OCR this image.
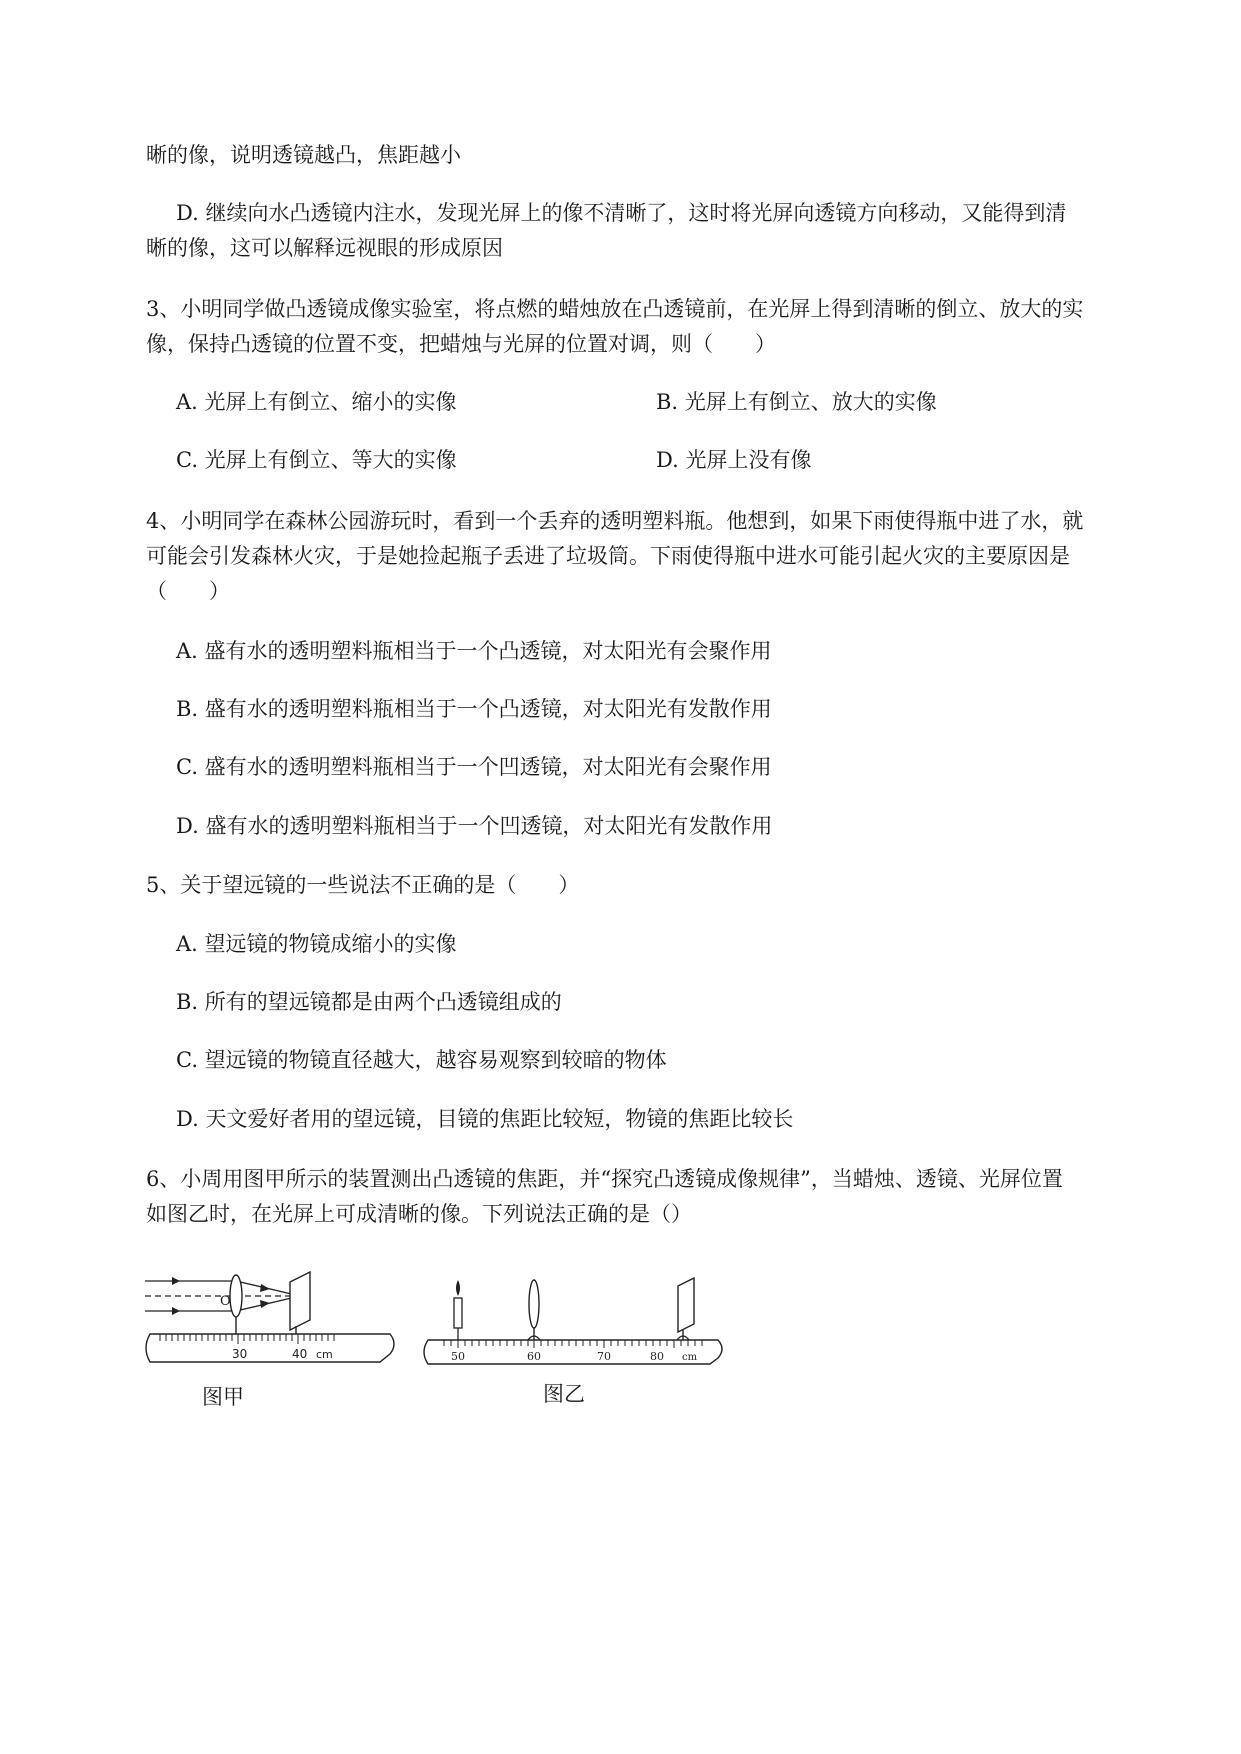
晰的像，说明透镜越凸，焦距越小
D. 继续向水凸透镜内注水，发现光屏上的像不清晰了，这时将光屏向透镜方向移动，又能得到清
晰的像，这可以解释远视眼的形成原因
3、小明同学做凸透镜成像实验室，将点燃的蜡烛放在凸透镜前，在光屏上得到清晰的倒立、放大的实
像，保持凸透镜的位置不变，把蜡烛与光屏的位置对调，则（　　）
A. 光屏上有倒立、缩小的实像	B. 光屏上有倒立、放大的实像
C. 光屏上有倒立、等大的实像	D. 光屏上没有像
4、小明同学在森林公园游玩时，看到一个丢弃的透明塑料瓶。他想到，如果下雨使得瓶中进了水，就
可能会引发森林火灾，于是她捡起瓶子丢进了垃圾筒。下雨使得瓶中进水可能引起火灾的主要原因是
（　　）
A. 盛有水的透明塑料瓶相当于一个凸透镜，对太阳光有会聚作用
B. 盛有水的透明塑料瓶相当于一个凸透镜，对太阳光有发散作用
C. 盛有水的透明塑料瓶相当于一个凹透镜，对太阳光有会聚作用
D. 盛有水的透明塑料瓶相当于一个凹透镜，对太阳光有发散作用
5、关于望远镜的一些说法不正确的是（　　）
A. 望远镜的物镜成缩小的实像
B. 所有的望远镜都是由两个凸透镜组成的
C. 望远镜的物镜直径越大，越容易观察到较暗的物体
D. 天文爱好者用的望远镜，目镜的焦距比较短，物镜的焦距比较长
6、小周用图甲所示的装置测出凸透镜的焦距，并“探究凸透镜成像规律”，当蜡烛、透镜、光屏位置
如图乙时，在光屏上可成清晰的像。下列说法正确的是（）
O
30	40 cm
图甲
50	60	70	80 cm
图乙
